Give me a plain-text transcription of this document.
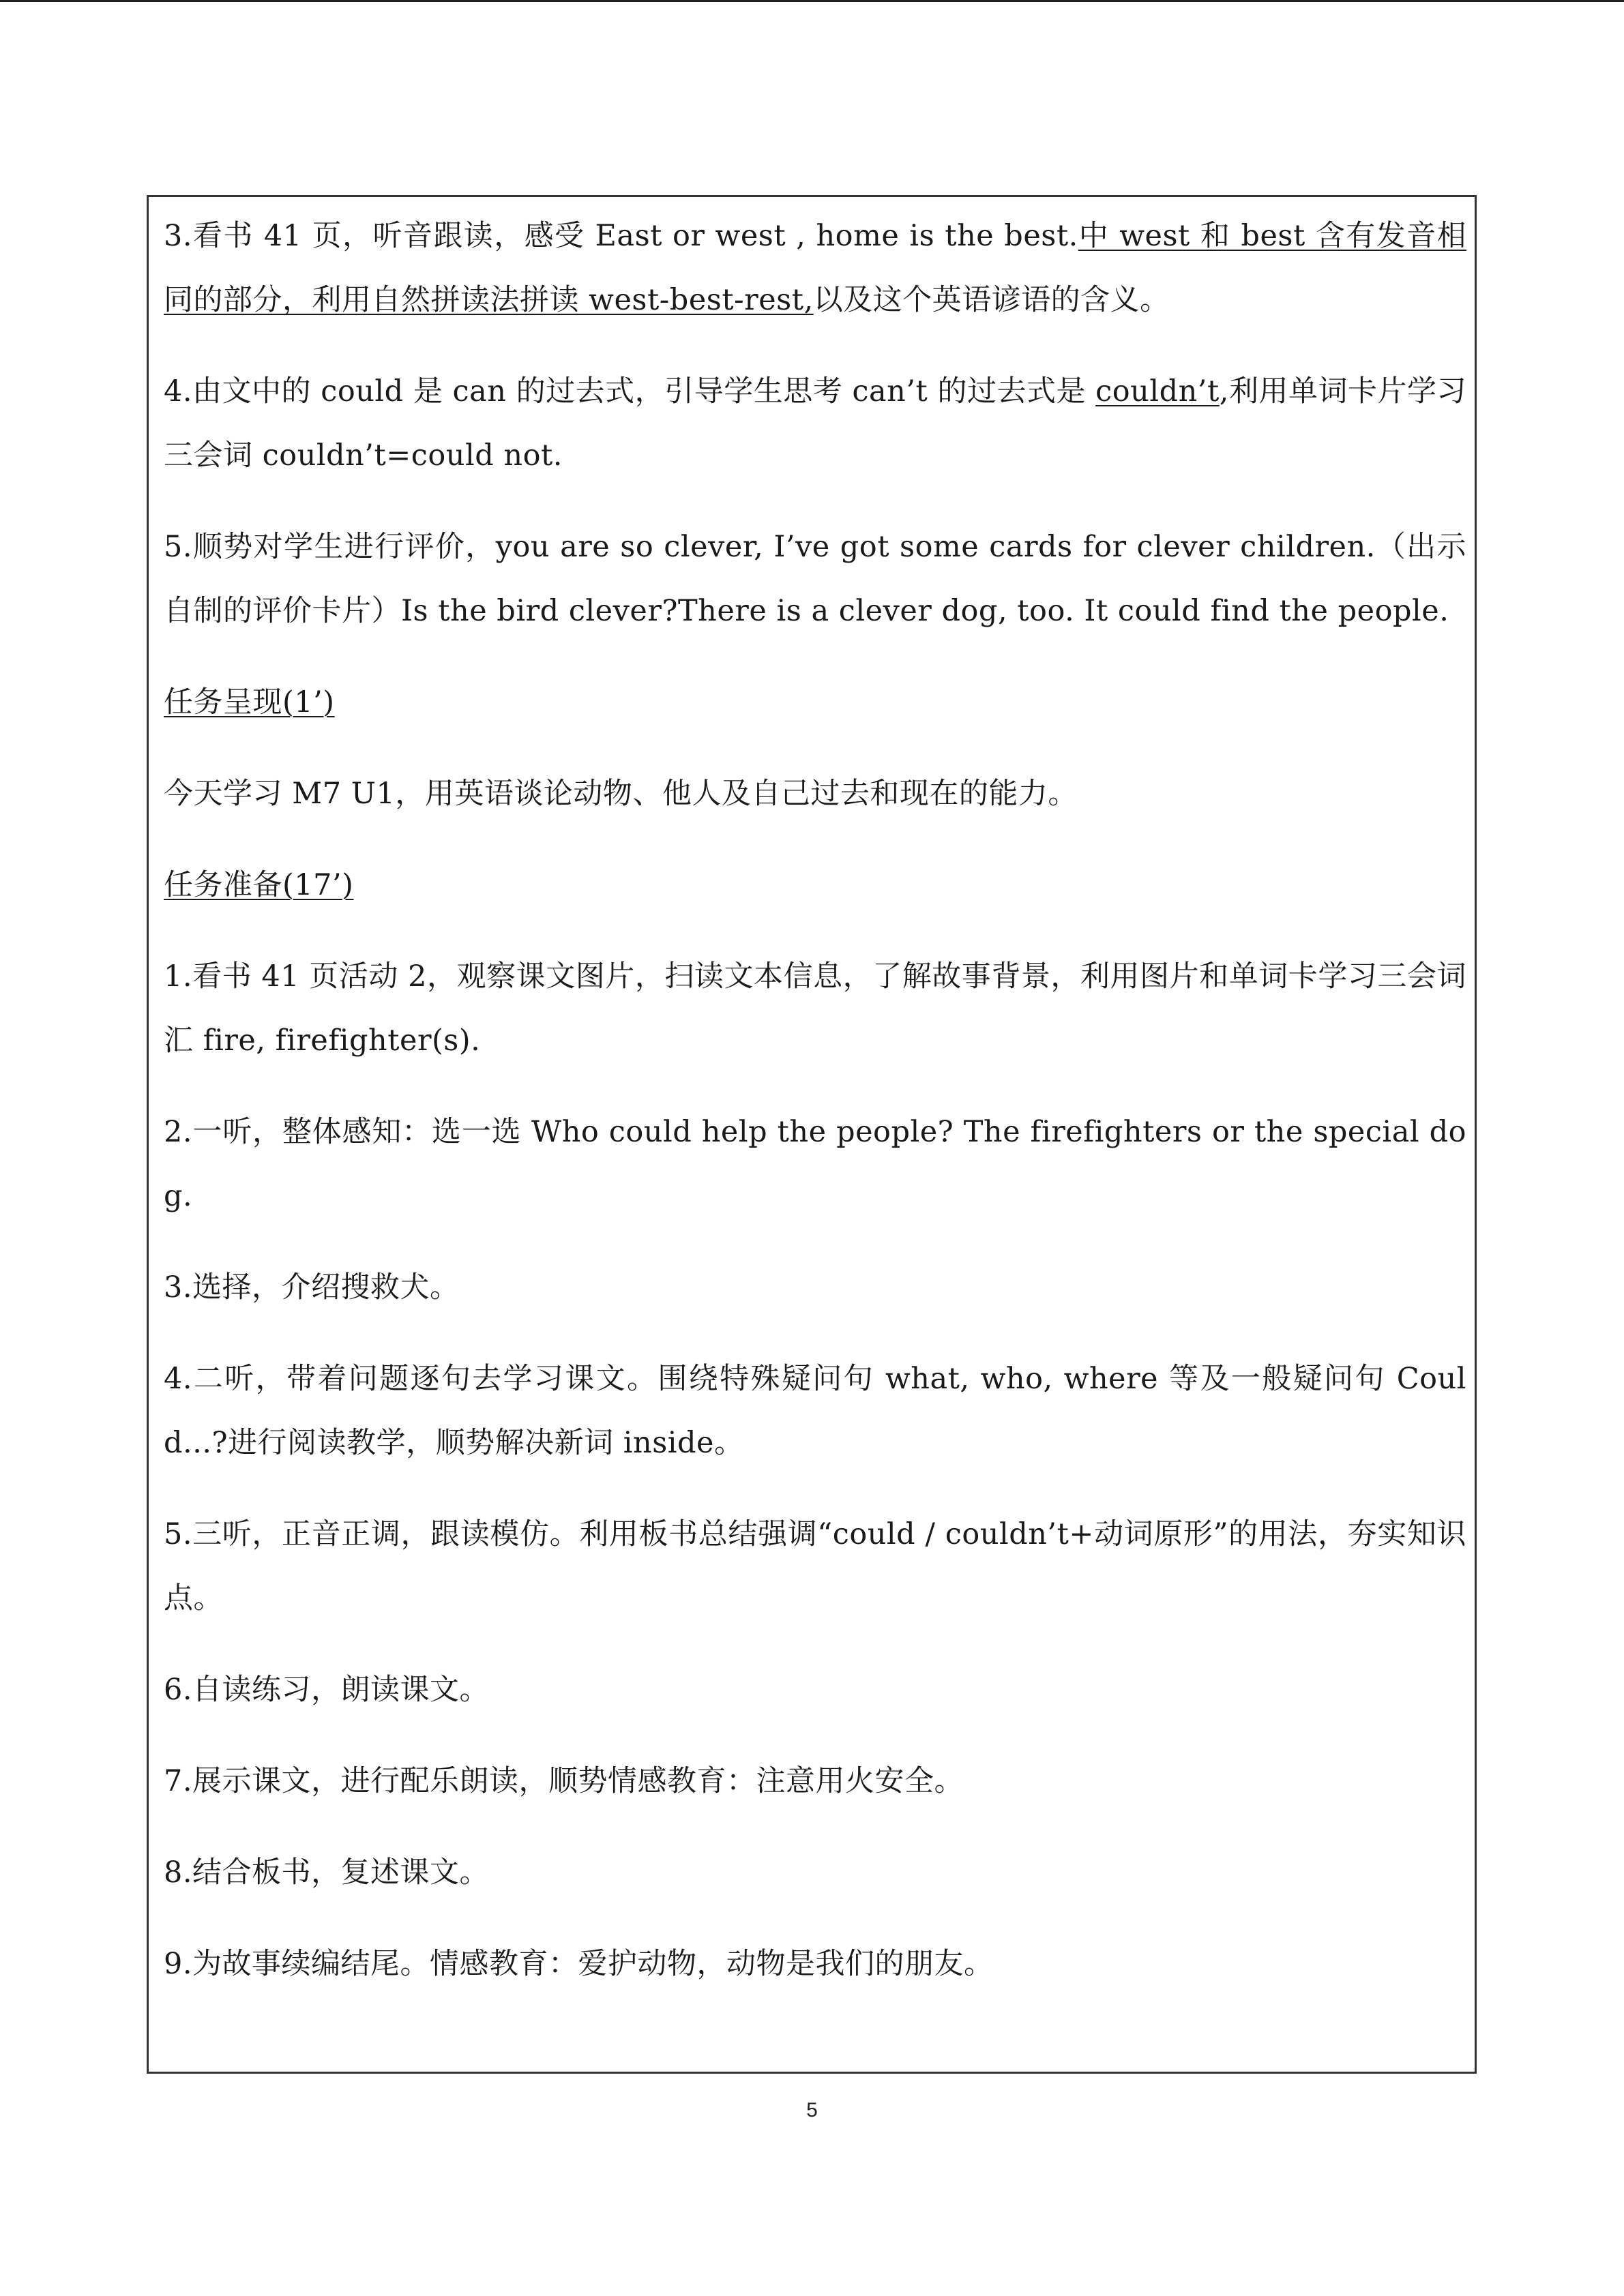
3.看书 41 页，听音跟读，感受 East or west , home is the best.中 west 和 best 含有发音相同的部分，利用自然拼读法拼读 west-best-rest,以及这个英语谚语的含义。

4.由文中的 could 是 can 的过去式，引导学生思考 can’t 的过去式是 couldn’t,利用单词卡片学习三会词 couldn’t=could not.

5.顺势对学生进行评价，you are so clever, I’ve got some cards for clever children.（出示自制的评价卡片）Is the bird clever?There is a clever dog, too. It could find the people.

任务呈现(1’)

今天学习 M7 U1，用英语谈论动物、他人及自己过去和现在的能力。

任务准备(17’)

1.看书 41 页活动 2，观察课文图片，扫读文本信息，了解故事背景，利用图片和单词卡学习三会词汇 fire, firefighter(s).

2.一听，整体感知：选一选 Who could help the people? The firefighters or the special dog.

3.选择，介绍搜救犬。

4.二听，带着问题逐句去学习课文。围绕特殊疑问句 what, who, where 等及一般疑问句 Could...?进行阅读教学，顺势解决新词 inside。

5.三听，正音正调，跟读模仿。利用板书总结强调“could / couldn’t+动词原形”的用法，夯实知识点。

6.自读练习，朗读课文。

7.展示课文，进行配乐朗读，顺势情感教育：注意用火安全。

8.结合板书，复述课文。

9.为故事续编结尾。情感教育：爱护动物，动物是我们的朋友。

5
